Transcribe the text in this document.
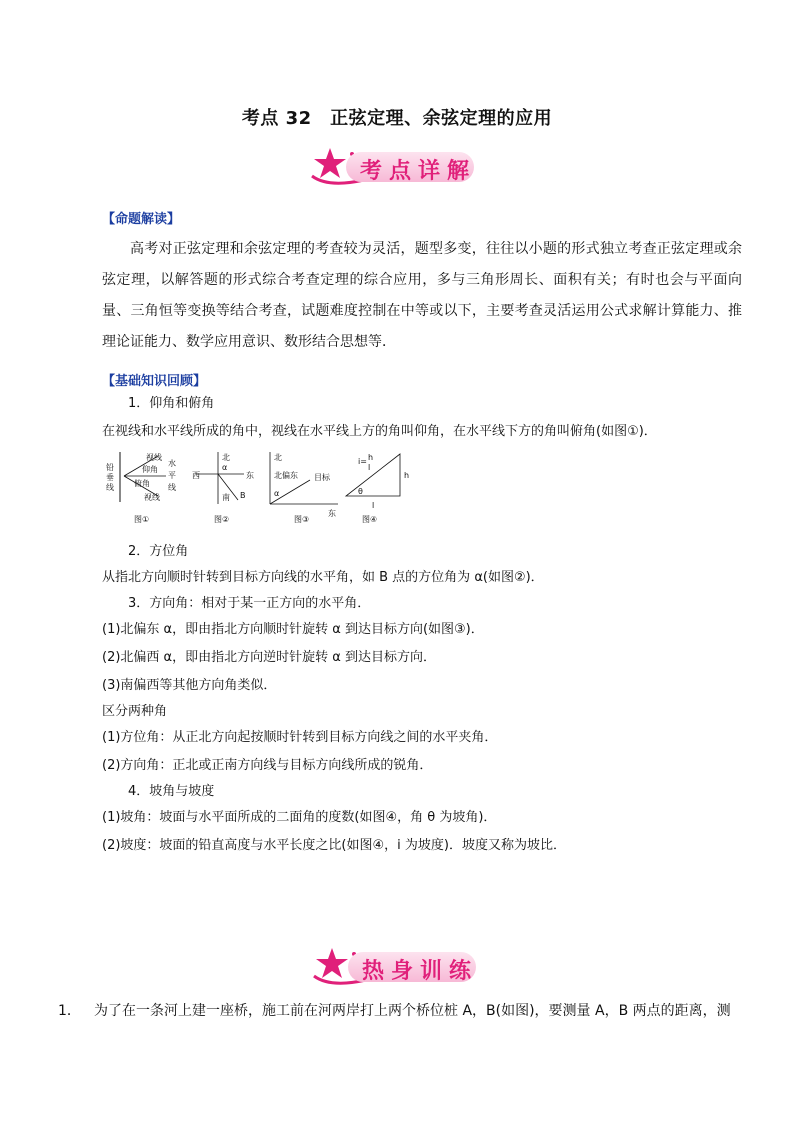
考点 32　正弦定理、余弦定理的应用
考点详解
【命题解读】
高考对正弦定理和余弦定理的考查较为灵活，题型多变，往往以小题的形式独立考查正弦定理或余弦定理，以解答题的形式综合考查定理的综合应用，多与三角形周长、面积有关；有时也会与平面向量、三角恒等变换等结合考查，试题难度控制在中等或以下，主要考查灵活运用公式求解计算能力、推理论证能力、数学应用意识、数形结合思想等．
【基础知识回顾】
1．仰角和俯角
在视线和水平线所成的角中，视线在水平线上方的角叫仰角，在水平线下方的角叫俯角(如图①)．
铅
垂
线
视线
仰角
俯角
视线
水
平
线
图①
北
西	东
α
南 B
图②
北
北偏东 目标
α
东
图③
i= h
l
h
θ
l
图④
2．方位角
从指北方向顺时针转到目标方向线的水平角，如 B 点的方位角为 α(如图②)．
3．方向角：相对于某一正方向的水平角．
(1)北偏东 α，即由指北方向顺时针旋转 α 到达目标方向(如图③)．
(2)北偏西 α，即由指北方向逆时针旋转 α 到达目标方向．
(3)南偏西等其他方向角类似．
区分两种角
(1)方位角：从正北方向起按顺时针转到目标方向线之间的水平夹角．
(2)方向角：正北或正南方向线与目标方向线所成的锐角．
4．坡角与坡度
(1)坡角：坡面与水平面所成的二面角的度数(如图④，角 θ 为坡角)．
(2)坡度：坡面的铅直高度与水平长度之比(如图④，i 为坡度)．坡度又称为坡比．
热身训练
1． 为了在一条河上建一座桥，施工前在河两岸打上两个桥位桩 A，B(如图)，要测量 A，B 两点的距离，测
